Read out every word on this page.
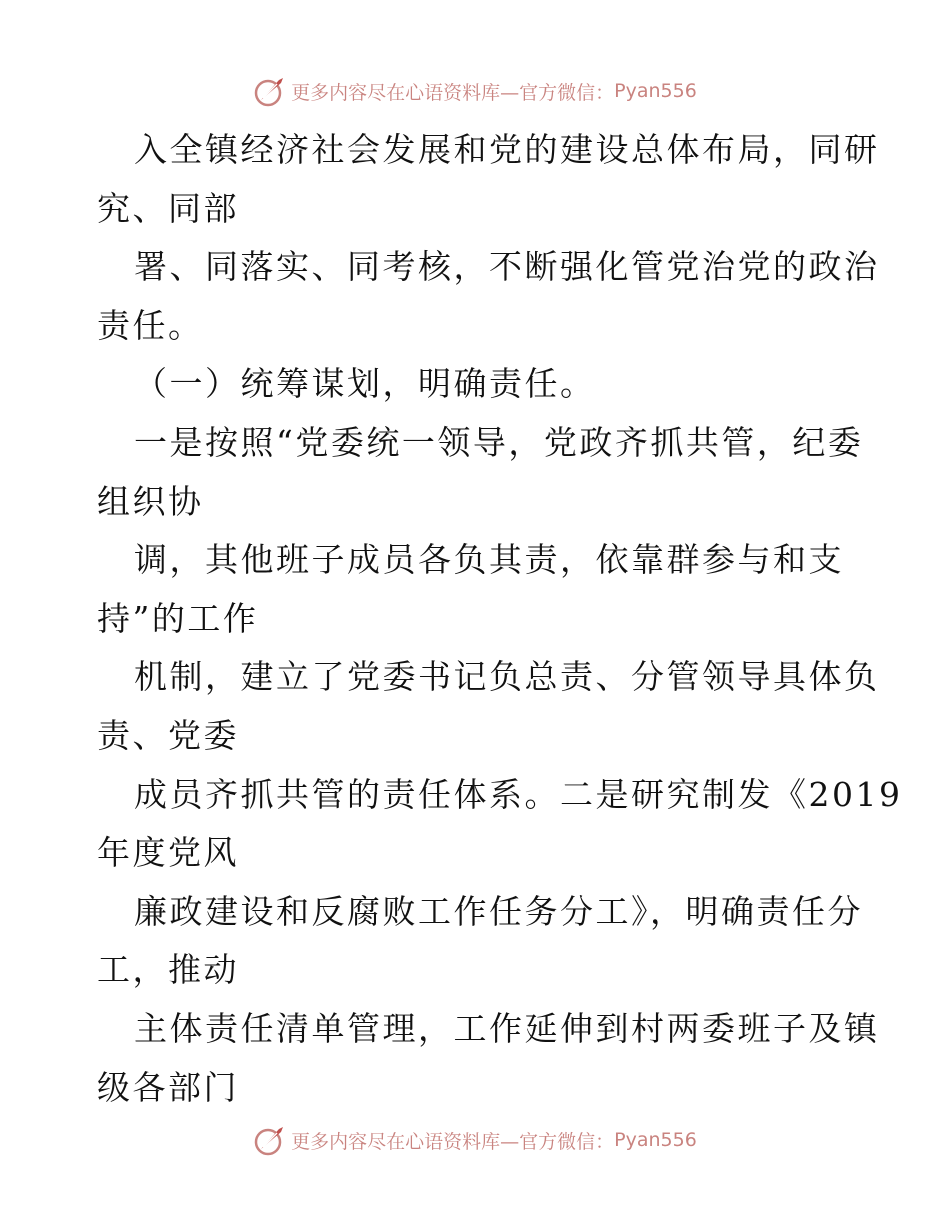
更多内容尽在心语资料库—官方微信： Pyan556
入全镇经济社会发展和党的建设总体布局，同研
究、同部
署、同落实、同考核，不断强化管党治党的政治
责任。
（一）统筹谋划，明确责任。
一是按照“党委统一领导，党政齐抓共管，纪委
组织协
调，其他班子成员各负其责，依靠群参与和支
持”的工作
机制，建立了党委书记负总责、分管领导具体负
责、党委
成员齐抓共管的责任体系。二是研究制发《2019
年度党风
廉政建设和反腐败工作任务分工》，明确责任分
工，推动
主体责任清单管理，工作延伸到村两委班子及镇
级各部门
更多内容尽在心语资料库—官方微信： Pyan556
